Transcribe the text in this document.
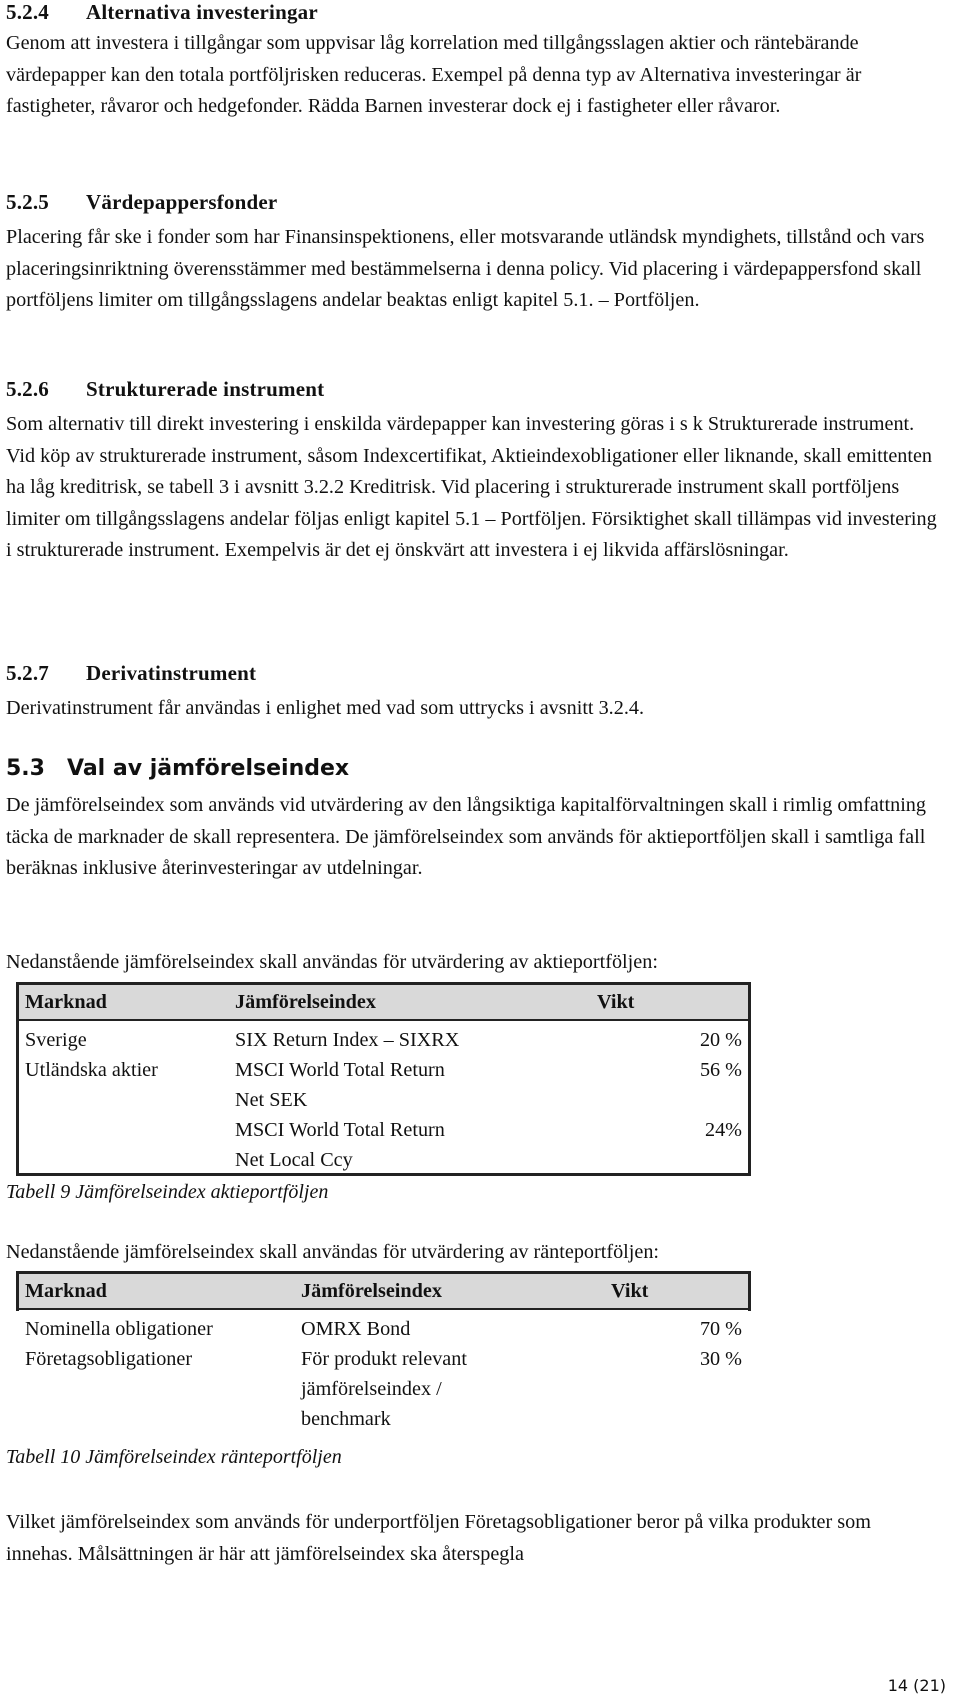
5.2.4 Alternativa investeringar

Genom att investera i tillgångar som uppvisar låg korrelation med tillgångsslagen aktier och räntebärande värdepapper kan den totala portföljrisken reduceras. Exempel på denna typ av Alternativa investeringar är fastigheter, råvaror och hedgefonder. Rädda Barnen investerar dock ej i fastigheter eller råvaror.

5.2.5 Värdepappersfonder

Placering får ske i fonder som har Finansinspektionens, eller motsvarande utländsk myndighets, tillstånd och vars placeringsinriktning överensstämmer med bestämmelserna i denna policy. Vid placering i värdepappersfond skall portföljens limiter om tillgångsslagens andelar beaktas enligt kapitel 5.1. – Portföljen.

5.2.6 Strukturerade instrument

Som alternativ till direkt investering i enskilda värdepapper kan investering göras i s k Strukturerade instrument. Vid köp av strukturerade instrument, såsom Indexcertifikat, Aktieindexobligationer eller liknande, skall emittenten ha låg kreditrisk, se tabell 3 i avsnitt 3.2.2 Kreditrisk. Vid placering i strukturerade instrument skall portföljens limiter om tillgångsslagens andelar följas enligt kapitel 5.1 – Portföljen. Försiktighet skall tillämpas vid investering i strukturerade instrument. Exempelvis är det ej önskvärt att investera i ej likvida affärslösningar.

5.2.7 Derivatinstrument

Derivatinstrument får användas i enlighet med vad som uttrycks i avsnitt 3.2.4.

5.3 Val av jämförelseindex

De jämförelseindex som används vid utvärdering av den långsiktiga kapitalförvaltningen skall i rimlig omfattning täcka de marknader de skall representera. De jämförelseindex som används för aktieportföljen skall i samtliga fall beräknas inklusive återinvesteringar av utdelningar.

Nedanstående jämförelseindex skall användas för utvärdering av aktieportföljen:

Marknad	Jämförelseindex	Vikt
Sverige	SIX Return Index – SIXRX	20 %
Utländska aktier	MSCI World Total Return	56 %
	Net SEK	
	MSCI World Total Return	24%
	Net Local Ccy	

Tabell 9 Jämförelseindex aktieportföljen

Nedanstående jämförelseindex skall användas för utvärdering av ränteportföljen:

Marknad	Jämförelseindex	Vikt
Nominella obligationer	OMRX Bond	70 %
Företagsobligationer	För produkt relevant	30 %
	jämförelseindex /	
	benchmark	

Tabell 10 Jämförelseindex ränteportföljen

Vilket jämförelseindex som används för underportföljen Företagsobligationer beror på vilka produkter som innehas. Målsättningen är här att jämförelseindex ska återspegla

14 (21)
